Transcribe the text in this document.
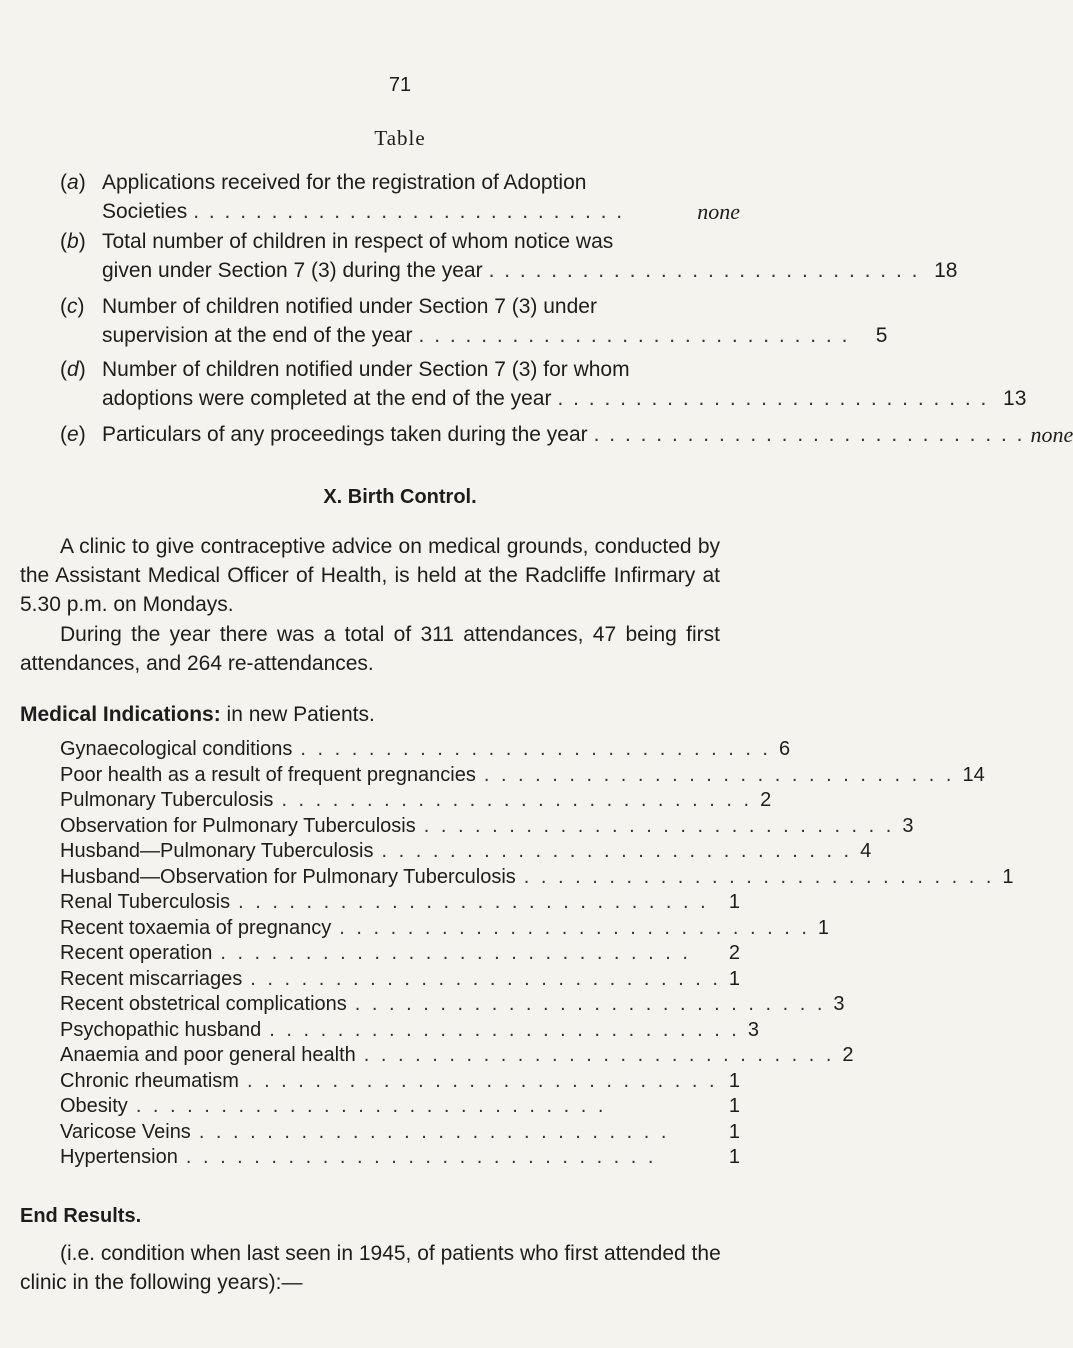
71
Table
(a) Applications received for the registration of Adoption
Societies . . . . . . . . . . . . . . . . . . . . . . . . . . . .	none
(b) Total number of children in respect of whom notice was
given under Section 7 (3) during the year . . . . . . . . . . . . . . . . . . . . . . . . . . . . 18
(c) Number of children notified under Section 7 (3) under
supervision at the end of the year . . . . . . . . . . . . . . . . . . . . . . . . . . . .	5
(d) Number of children notified under Section 7 (3) for whom
adoptions were completed at the end of the year . . . . . . . . . . . . . . . . . . . . . . . . . . . . 13
(e) Particulars of any proceedings taken during the year . . . . . . . . . . . . . . . . . . . . . . . . . . . . none
X. Birth Control.
A clinic to give contraceptive advice on medical grounds, conducted by the Assistant Medical Officer of Health, is held at the Radcliffe Infirmary at 5.30 p.m. on Mondays.
During the year there was a total of 311 attendances, 47 being first attendances, and 264 re-attendances.
Medical Indications: in new Patients.
Gynaecological conditions . . . . . . . . . . . . . . . . . . . . . . . . . . . . 6
Poor health as a result of frequent pregnancies . . . . . . . . . . . . . . . . . . . . . . . . . . . . 14
Pulmonary Tuberculosis . . . . . . . . . . . . . . . . . . . . . . . . . . . . 2
Observation for Pulmonary Tuberculosis . . . . . . . . . . . . . . . . . . . . . . . . . . . . 3
Husband—Pulmonary Tuberculosis . . . . . . . . . . . . . . . . . . . . . . . . . . . . 4
Husband—Observation for Pulmonary Tuberculosis . . . . . . . . . . . . . . . . . . . . . . . . . . . . 1
Renal Tuberculosis . . . . . . . . . . . . . . . . . . . . . . . . . . . .	1
Recent toxaemia of pregnancy . . . . . . . . . . . . . . . . . . . . . . . . . . . . 1
Recent operation . . . . . . . . . . . . . . . . . . . . . . . . . . . .	2
Recent miscarriages . . . . . . . . . . . . . . . . . . . . . . . . . . . . 1
Recent obstetrical complications . . . . . . . . . . . . . . . . . . . . . . . . . . . . 3
Psychopathic husband . . . . . . . . . . . . . . . . . . . . . . . . . . . . 3
Anaemia and poor general health . . . . . . . . . . . . . . . . . . . . . . . . . . . . 2
Chronic rheumatism . . . . . . . . . . . . . . . . . . . . . . . . . . . . 1
Obesity . . . . . . . . . . . . . . . . . . . . . . . . . . . .	1
Varicose Veins . . . . . . . . . . . . . . . . . . . . . . . . . . . .	1
Hypertension . . . . . . . . . . . . . . . . . . . . . . . . . . . .	1
End Results.
(i.e. condition when last seen in 1945, of patients who first attended the clinic in the following years):—
